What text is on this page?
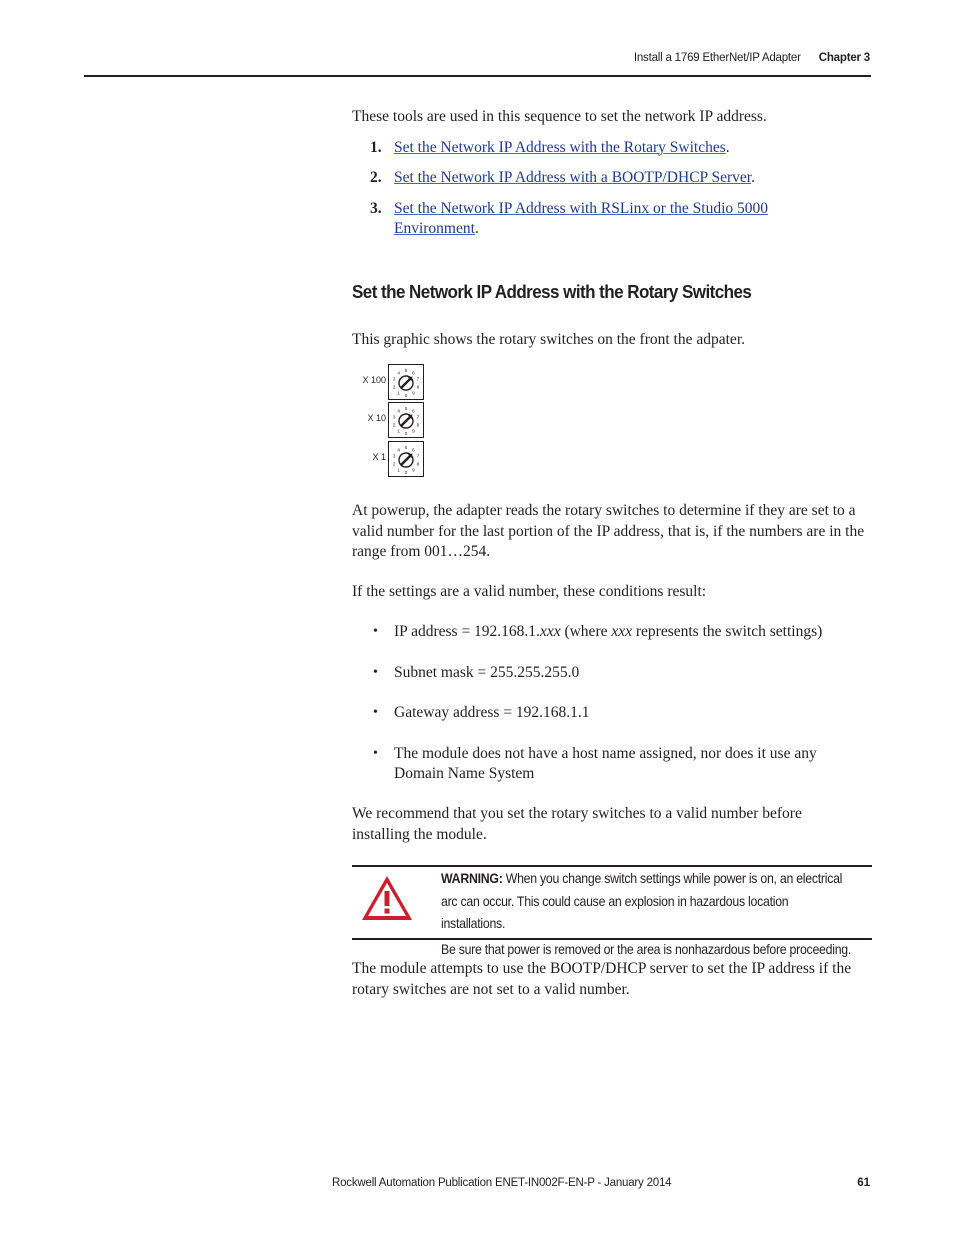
Install a 1769 EtherNet/IP Adapter Chapter 3

These tools are used in this sequence to set the network IP address.

1. Set the Network IP Address with the Rotary Switches.
2. Set the Network IP Address with a BOOTP/DHCP Server.
3. Set the Network IP Address with RSLinx or the Studio 5000
Environment.
Set the Network IP Address with the Rotary Switches

This graphic shows the rotary switches on the front the adpater.

X 100
5 6
7
8
9
0
1
2
3
4
X 10
5 6
7
8
9
0
1
2
3
4
X 1
5 6
7
8
9
0
1
2
3
4

At powerup, the adapter reads the rotary switches to determine if they are set to a valid number for the last portion of the IP address, that is, if the numbers are in the range from 001…254.

If the settings are a valid number, these conditions result:

• IP address = 192.168.1.xxx (where xxx represents the switch settings)
• Subnet mask = 255.255.255.0
• Gateway address = 192.168.1.1
• The module does not have a host name assigned, nor does it use any Domain Name System

We recommend that you set the rotary switches to a valid number before installing the module.

WARNING: When you change switch settings while power is on, an electrical
arc can occur. This could cause an explosion in hazardous location installations.
Be sure that power is removed or the area is nonhazardous before proceeding.

The module attempts to use the BOOTP/DHCP server to set the IP address if the rotary switches are not set to a valid number.

Rockwell Automation Publication ENET-IN002F-EN-P - January 2014	61
